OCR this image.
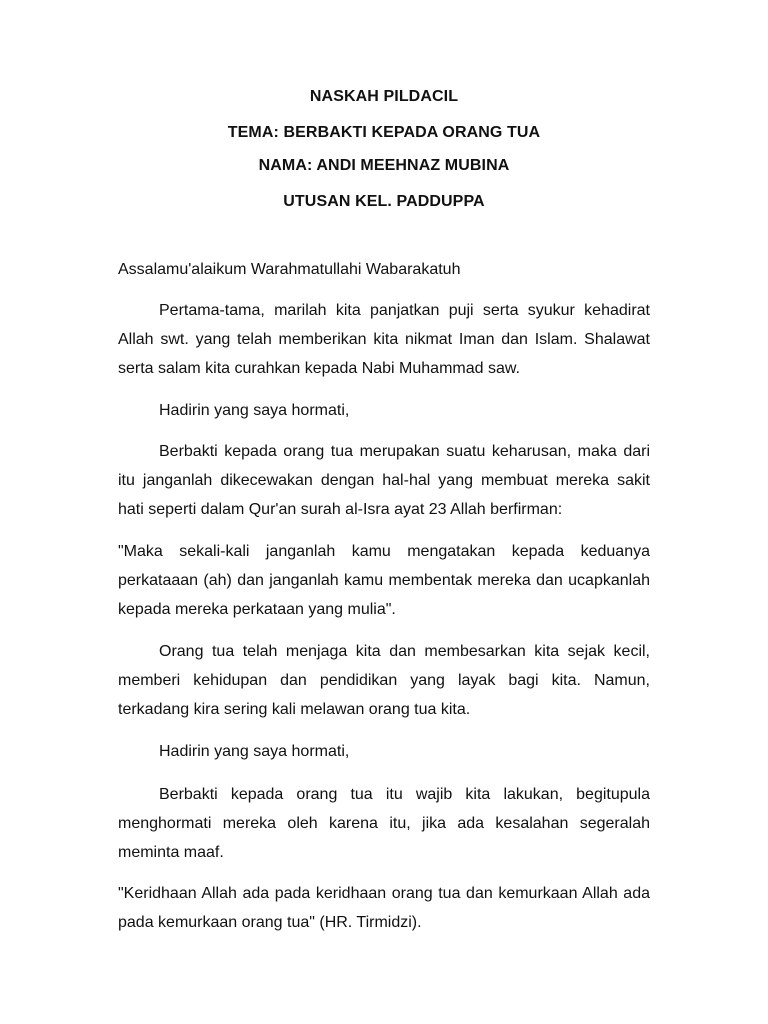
NASKAH PILDACIL
TEMA: BERBAKTI KEPADA ORANG TUA
NAMA: ANDI MEEHNAZ MUBINA
UTUSAN KEL. PADDUPPA
Assalamu'alaikum Warahmatullahi Wabarakatuh
Pertama-tama, marilah kita panjatkan puji serta syukur kehadirat Allah swt. yang telah memberikan kita nikmat Iman dan Islam. Shalawat serta salam kita curahkan kepada Nabi Muhammad saw.
Hadirin yang saya hormati,
Berbakti kepada orang tua merupakan suatu keharusan, maka dari itu janganlah dikecewakan dengan hal-hal yang membuat mereka sakit hati seperti dalam Qur'an surah al-Isra ayat 23 Allah berfirman:
"Maka sekali-kali janganlah kamu mengatakan kepada keduanya perkataaan (ah) dan janganlah kamu membentak mereka dan ucapkanlah kepada mereka perkataan yang mulia".
Orang tua telah menjaga kita dan membesarkan kita sejak kecil, memberi kehidupan dan pendidikan yang layak bagi kita. Namun, terkadang kira sering kali melawan orang tua kita.
Hadirin yang saya hormati,
Berbakti kepada orang tua itu wajib kita lakukan, begitupula menghormati mereka oleh karena itu, jika ada kesalahan segeralah meminta maaf.
"Keridhaan Allah ada pada keridhaan orang tua dan kemurkaan Allah ada pada kemurkaan orang tua" (HR. Tirmidzi).
